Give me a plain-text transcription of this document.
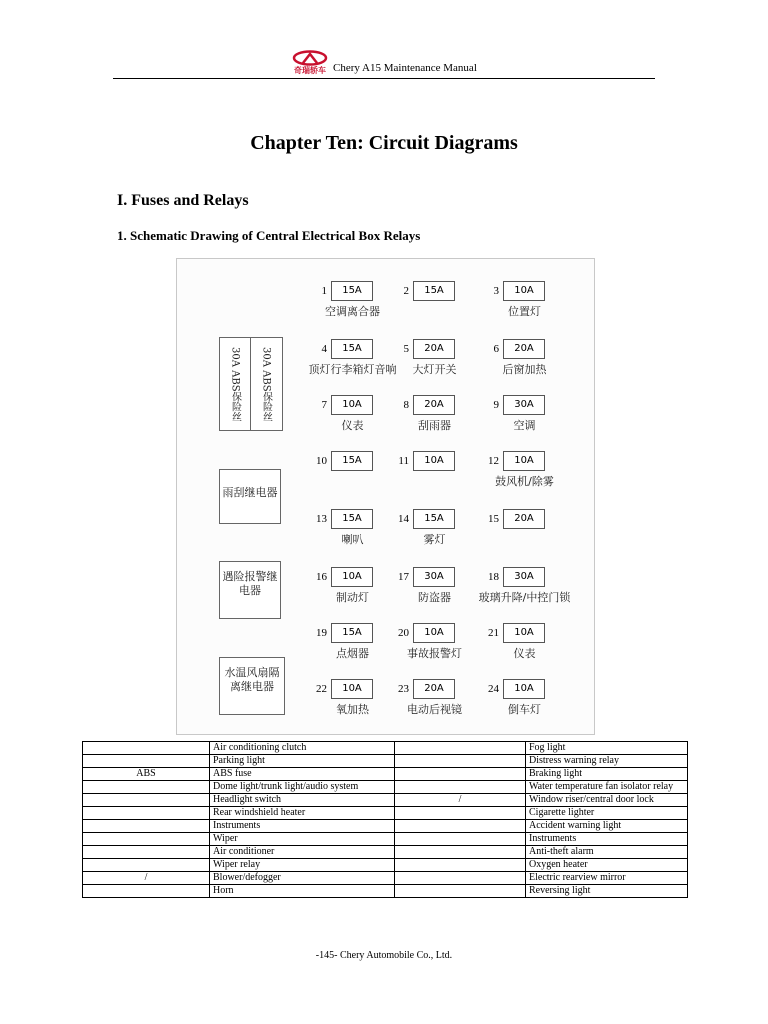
奇瑞轿车 Chery A15 Maintenance Manual
Chapter Ten: Circuit Diagrams
I. Fuses and Relays
1. Schematic Drawing of Central Electrical Box Relays
30A ABS保险丝	30A ABS保险丝
雨刮继电器
遇险报警继电器
水温风扇隔离继电器
1	15A
空调离合器
2	15A	3	10A
位置灯
4	15A
顶灯行李箱灯音响
5	20A
大灯开关
6	20A
后窗加热
7	10A
仪表
8	20A
刮雨器
9	30A
空调
10	15A	11	10A	12	10A
鼓风机/除雾
13	15A
喇叭
14	15A
雾灯
15	20A
16	10A
制动灯
17	30A
防盗器
18	30A
玻璃升降/中控门锁
19	15A
点烟器
20	10A
事故报警灯
21	10A
仪表
22	10A
氧加热
23	20A
电动后视镜
24	10A
倒车灯
	Air conditioning clutch		Fog light
	Parking light		Distress warning relay
ABS	ABS fuse		Braking light
	Dome light/trunk light/audio system		Water temperature fan isolator relay
	Headlight switch	/	Window riser/central door lock
	Rear windshield heater		Cigarette lighter
	Instruments		Accident warning light
	Wiper		Instruments
	Air conditioner		Anti-theft alarm
	Wiper relay		Oxygen heater
/	Blower/defogger		Electric rearview mirror
	Horn		Reversing light
-145- Chery Automobile Co., Ltd.
